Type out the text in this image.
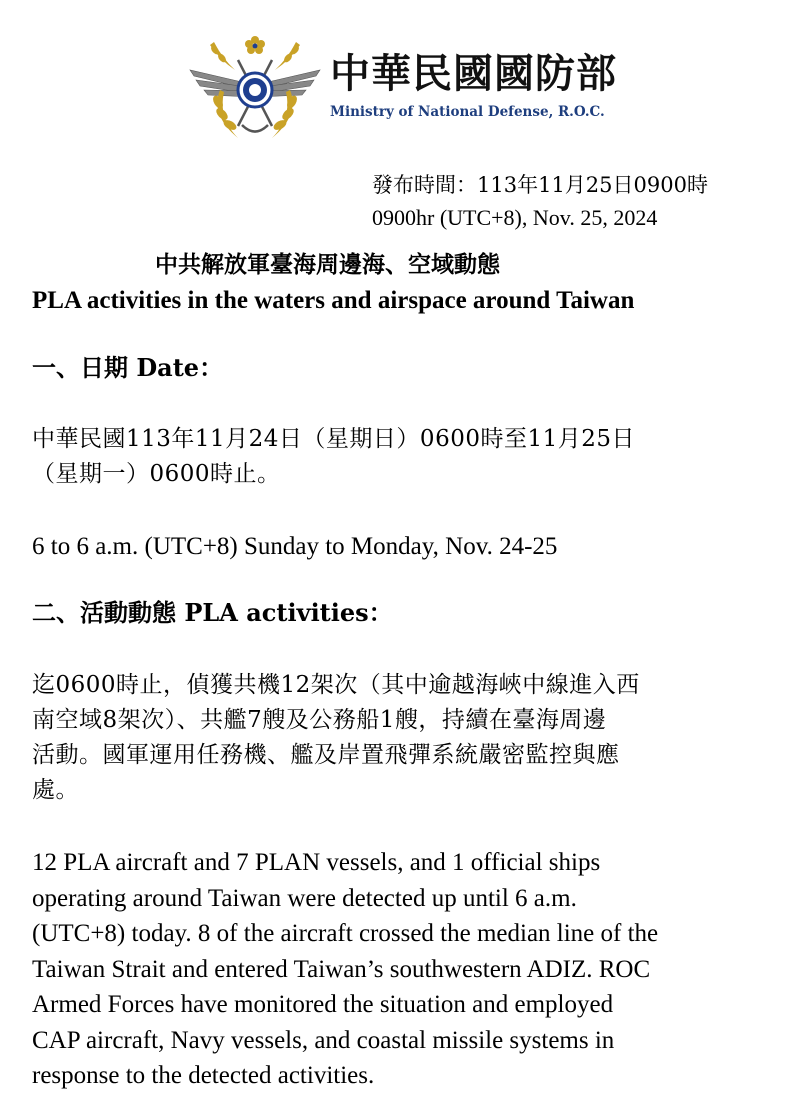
中華民國國防部
Ministry of National Defense, R.O.C.
發布時間：113年11月25日0900時
0900hr (UTC+8), Nov. 25, 2024
中共解放軍臺海周邊海、空域動態
PLA activities in the waters and airspace around Taiwan
一、日期 Date：
中華民國113年11月24日（星期日）0600時至11月25日
（星期一）0600時止。
6 to 6 a.m. (UTC+8) Sunday to Monday, Nov. 24-25
二、活動動態 PLA activities：
迄0600時止，偵獲共機12架次（其中逾越海峽中線進入西
南空域8架次）、共艦7艘及公務船1艘，持續在臺海周邊
活動。國軍運用任務機、艦及岸置飛彈系統嚴密監控與應
處。
12 PLA aircraft and 7 PLAN vessels, and 1 official ships
operating around Taiwan were detected up until 6 a.m.
(UTC+8) today. 8 of the aircraft crossed the median line of the
Taiwan Strait and entered Taiwan’s southwestern ADIZ. ROC
Armed Forces have monitored the situation and employed
CAP aircraft, Navy vessels, and coastal missile systems in
response to the detected activities.
